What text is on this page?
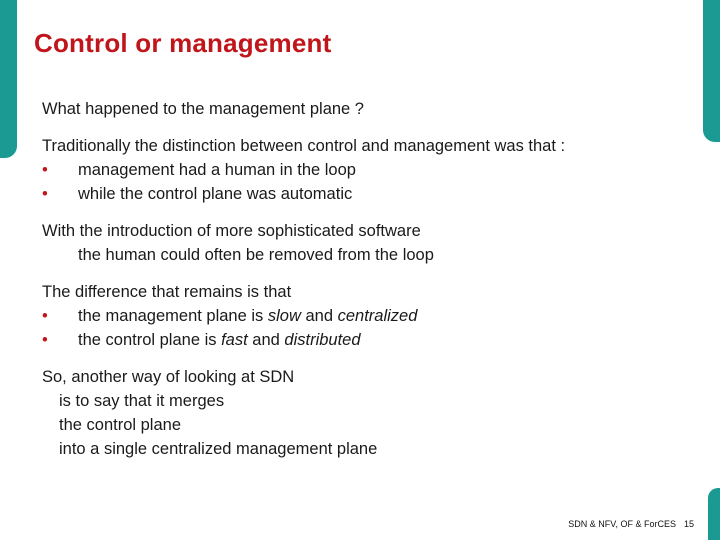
Control or management

What happened to the management plane ?

Traditionally the distinction between control and management was that :

•	management had a human in the loop
•	while the control plane was automatic

With the introduction of more sophisticated software

the human could often be removed from the loop

The difference that remains is that

•	the management plane is slow and centralized
•	the control plane is fast and distributed

So, another way of looking at SDN

is to say that it merges

the control plane

into a single centralized management plane

SDN & NFV, OF & ForCES 15
